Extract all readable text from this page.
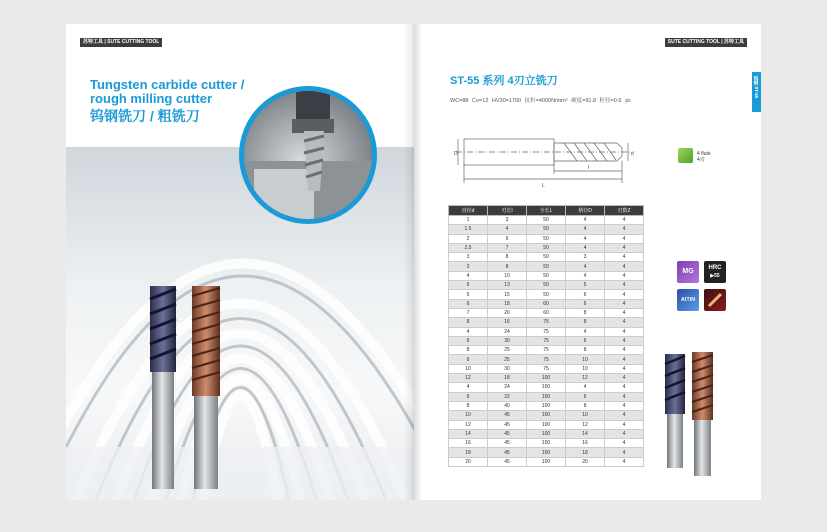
苏特工具 | SUTE CUTTING TOOL
Tungsten carbide cutter /
rough milling cutter
钨钢铣刀 / 粗铣刀
SUTE CUTTING TOOL | 苏特工具
钨钢 ST-55
ST-55 系列 4刃立铣刀
WC=88 Co=12 HV30=1700 抗折=4000N/mm² 硬度=91.8 粒径=0.6 ㎛
D	d
l
L
4 flute
4刃
直径d	刃长l	全长L	柄径D	刃数Z
1	3	50	4	4
1.5	4	50	4	4
2	6	50	4	4
2.5	7	50	4	4
3	8	50	3	4
3	8	50	4	4
4	10	50	4	4
5	13	50	5	4
5	15	50	6	4
6	18	60	6	4
7	20	60	8	4
8	16	75	8	4
4	24	75	4	4
6	30	75	6	4
8	25	75	8	4
9	25	75	10	4
10	30	75	10	4
12	18	100	12	4
4	24	100	4	4
6	32	100	6	4
8	40	100	8	4
10	45	100	10	4
12	45	100	12	4
14	45	100	14	4
16	45	100	16	4
18	45	100	18	4
20	45	100	20	4
MG	HRC
▶55
AlTiN
